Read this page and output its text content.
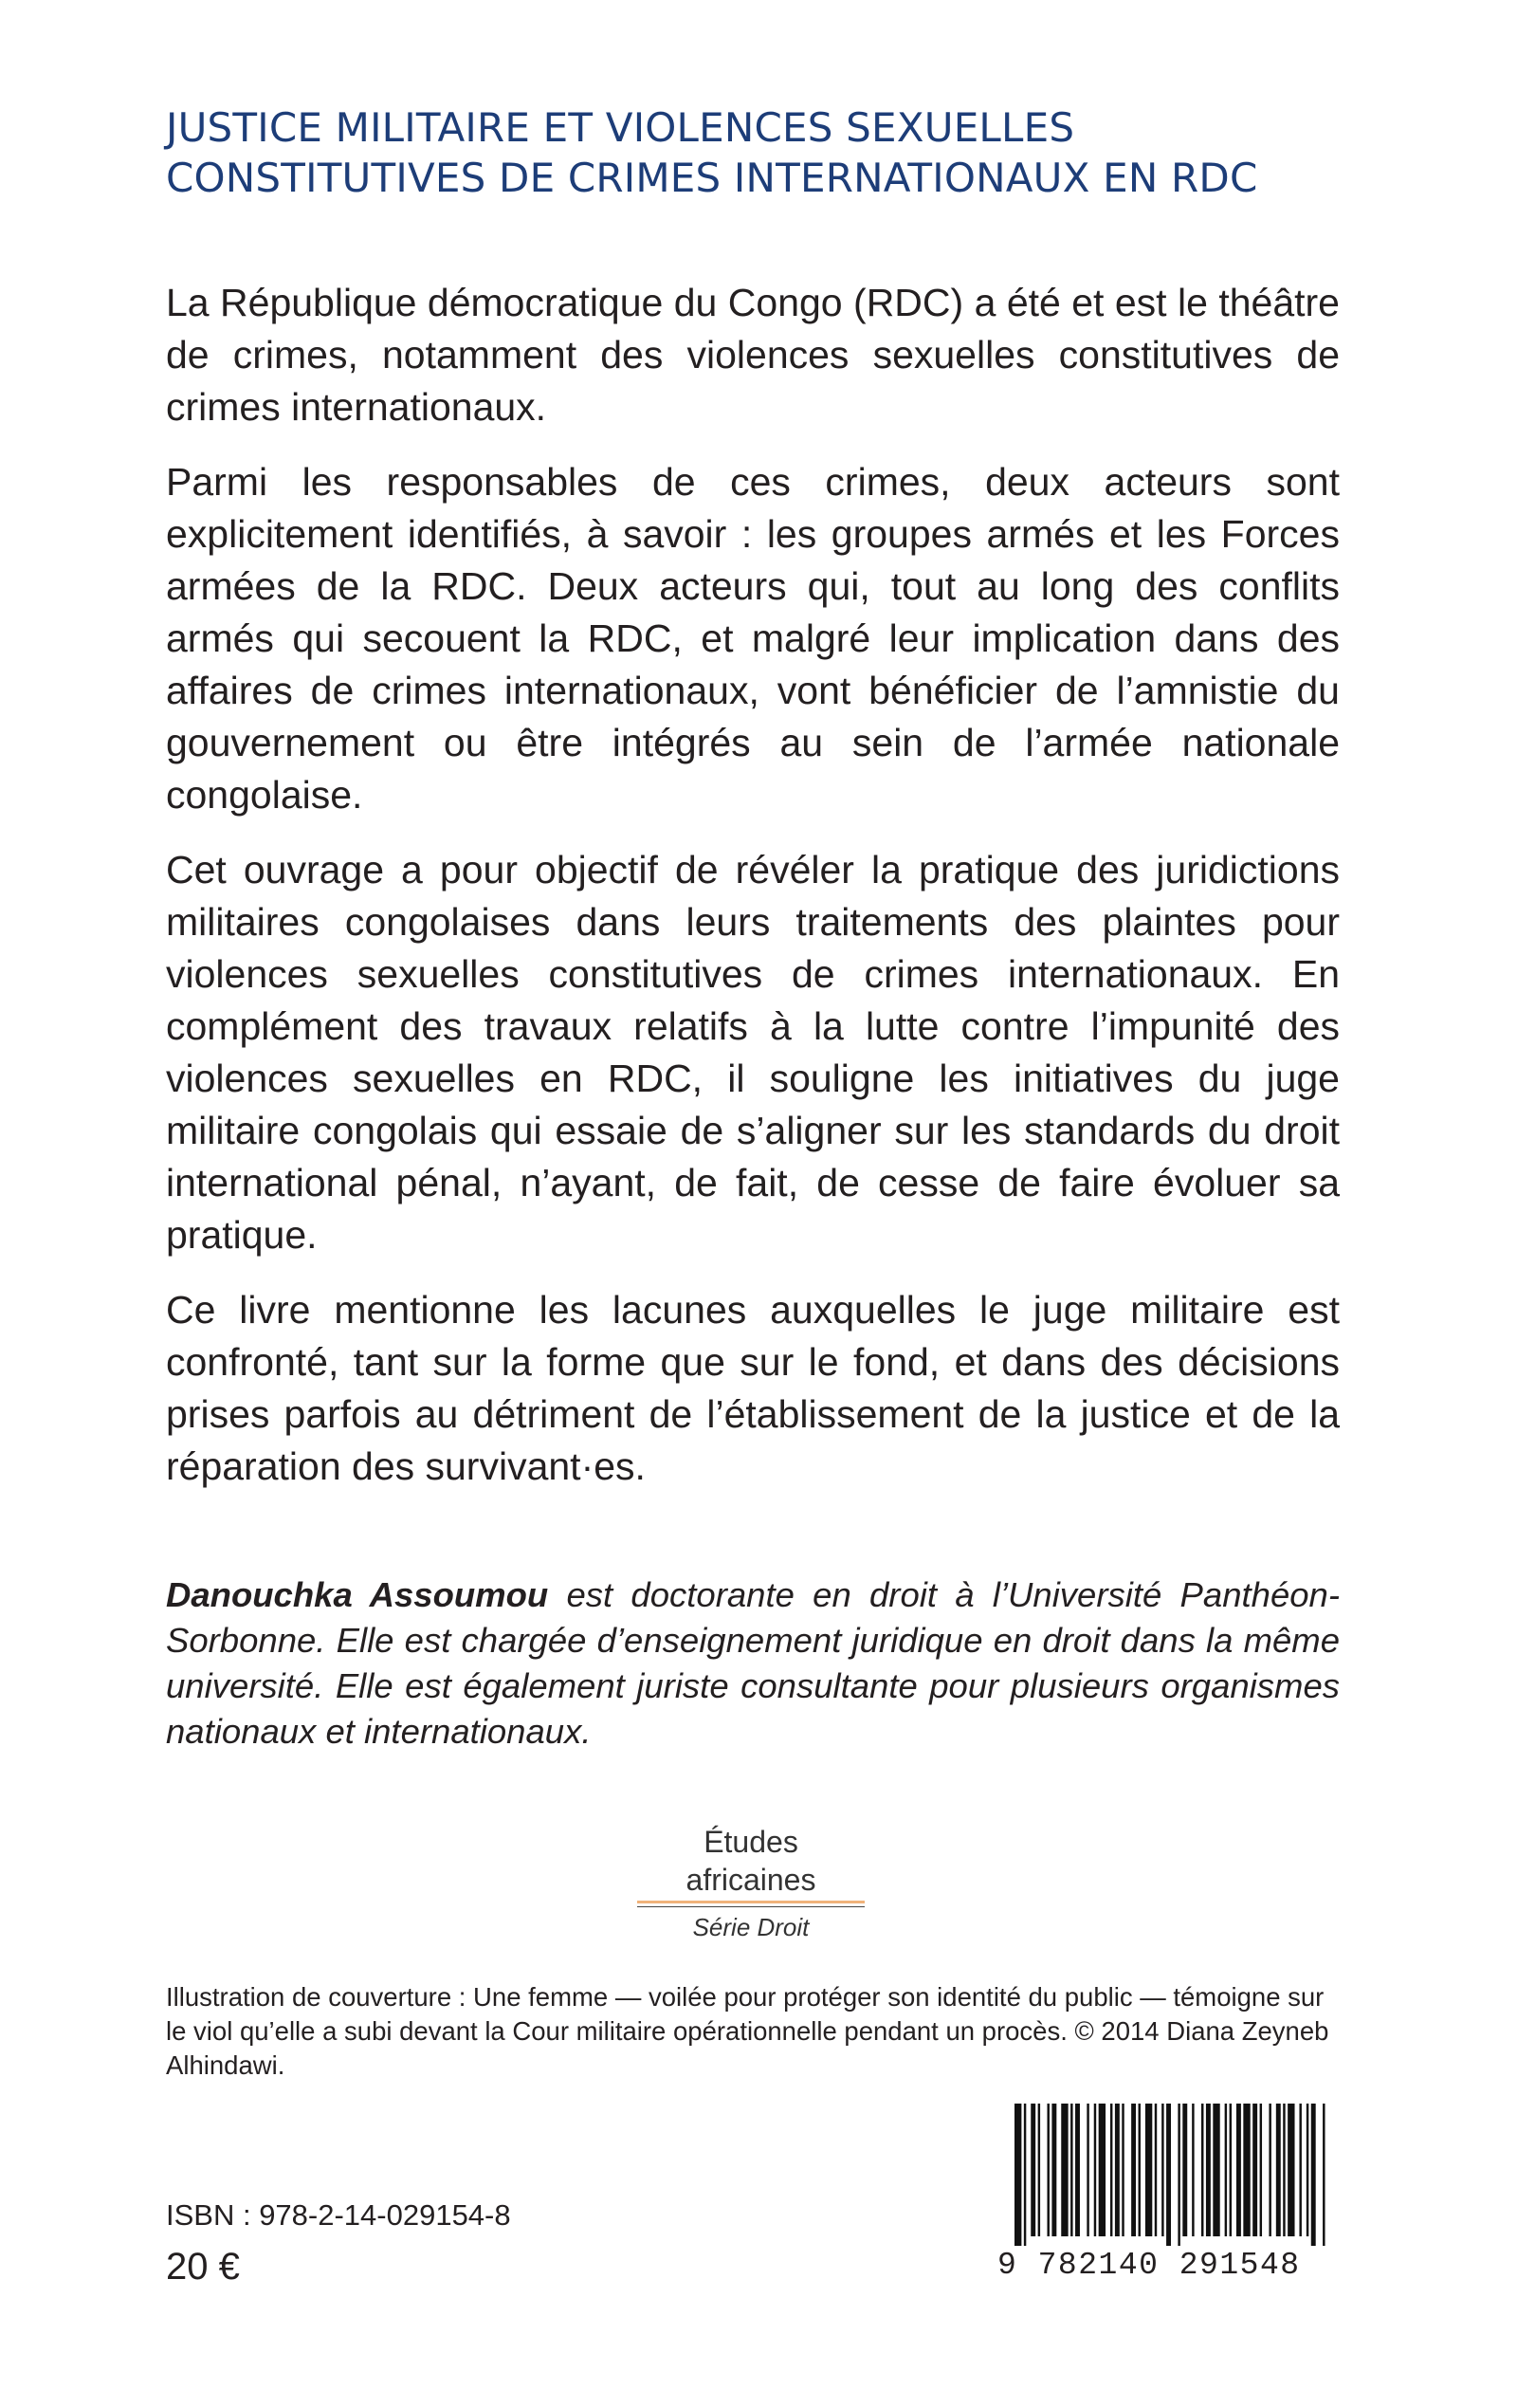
JUSTICE MILITAIRE ET VIOLENCES SEXUELLES
CONSTITUTIVES DE CRIMES INTERNATIONAUX EN RDC

La République démocratique du Congo (RDC) a été et est le théâtre de crimes, notamment des violences sexuelles constitutives de crimes internationaux.

Parmi les responsables de ces crimes, deux acteurs sont explicitement identifiés, à savoir : les groupes armés et les Forces armées de la RDC. Deux acteurs qui, tout au long des conflits armés qui secouent la RDC, et malgré leur implication dans des affaires de crimes internationaux, vont bénéficier de l’amnistie du gouvernement ou être intégrés au sein de l’armée nationale congolaise.

Cet ouvrage a pour objectif de révéler la pratique des juridictions militaires congolaises dans leurs traitements des plaintes pour violences sexuelles constitutives de crimes internationaux. En complément des travaux relatifs à la lutte contre l’impunité des violences sexuelles en RDC, il souligne les initiatives du juge militaire congolais qui essaie de s’aligner sur les standards du droit international pénal, n’ayant, de fait, de cesse de faire évoluer sa pratique.

Ce livre mentionne les lacunes auxquelles le juge militaire est confronté, tant sur la forme que sur le fond, et dans des décisions prises parfois au détriment de l’établissement de la justice et de la réparation des survivant·es.

Danouchka Assoumou est doctorante en droit à l’Université Panthéon-Sorbonne. Elle est chargée d’enseignement juridique en droit dans la même université. Elle est également juriste consultante pour plusieurs organismes nationaux et internationaux.
Études africaines
Série Droit
Illustration de couverture : Une femme — voilée pour protéger son identité du public — témoigne sur le viol qu’elle a subi devant la Cour militaire opérationnelle pendant un procès. © 2014 Diana Zeyneb Alhindawi.
ISBN : 978-2-14-029154-8
20 €	9 782140 291548
